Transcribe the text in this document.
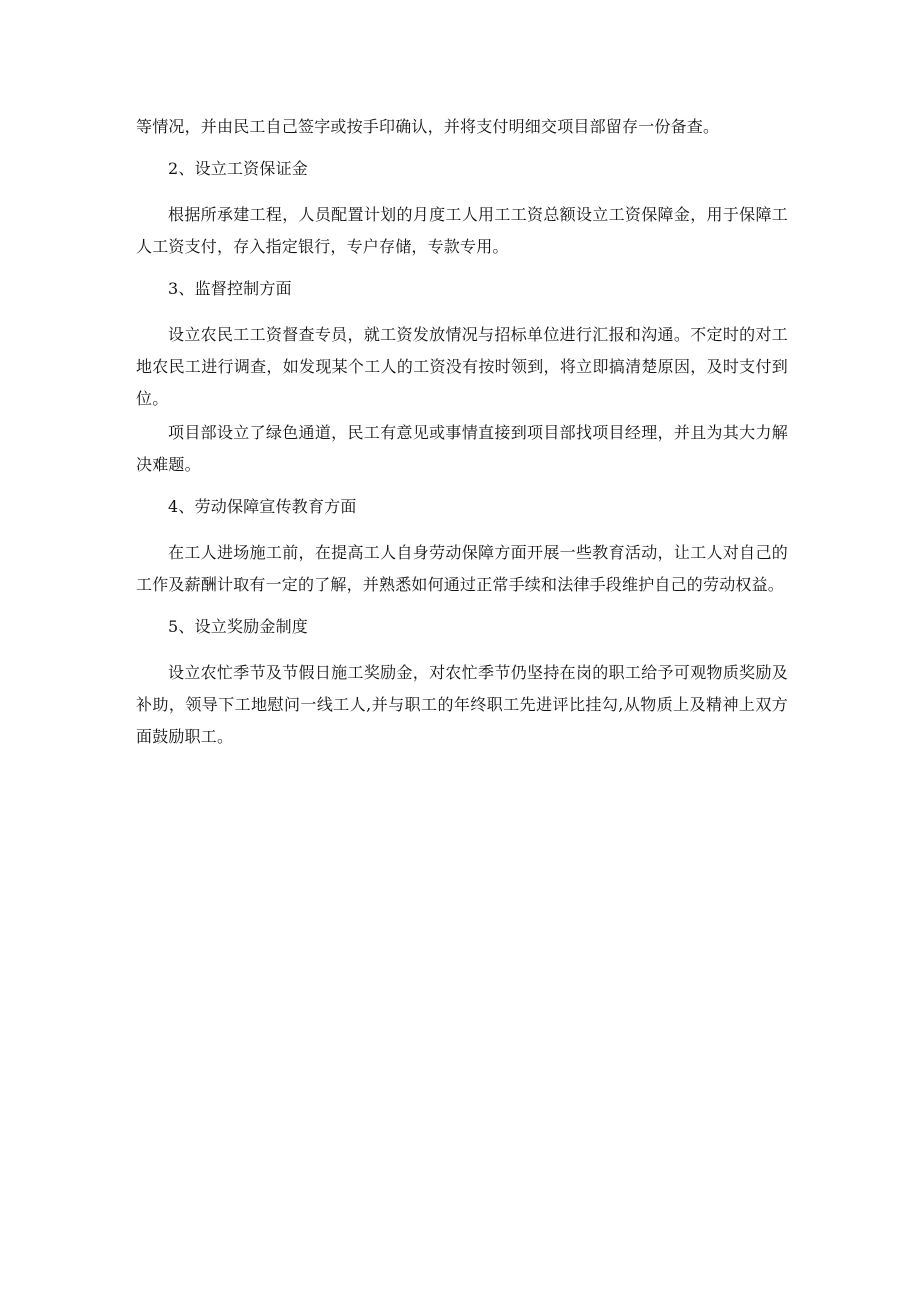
等情况，并由民工自己签字或按手印确认，并将支付明细交项目部留存一份备查。

2、设立工资保证金

根据所承建工程，人员配置计划的月度工人用工工资总额设立工资保障金，用于保障工人工资支付，存入指定银行，专户存储，专款专用。

3、监督控制方面

设立农民工工资督查专员，就工资发放情况与招标单位进行汇报和沟通。不定时的对工地农民工进行调查，如发现某个工人的工资没有按时领到，将立即搞清楚原因，及时支付到位。

项目部设立了绿色通道，民工有意见或事情直接到项目部找项目经理，并且为其大力解决难题。

4、劳动保障宣传教育方面

在工人进场施工前，在提高工人自身劳动保障方面开展一些教育活动，让工人对自己的工作及薪酬计取有一定的了解，并熟悉如何通过正常手续和法律手段维护自己的劳动权益。

5、设立奖励金制度

设立农忙季节及节假日施工奖励金，对农忙季节仍坚持在岗的职工给予可观物质奖励及补助，领导下工地慰问一线工人,并与职工的年终职工先进评比挂勾,从物质上及精神上双方面鼓励职工。
